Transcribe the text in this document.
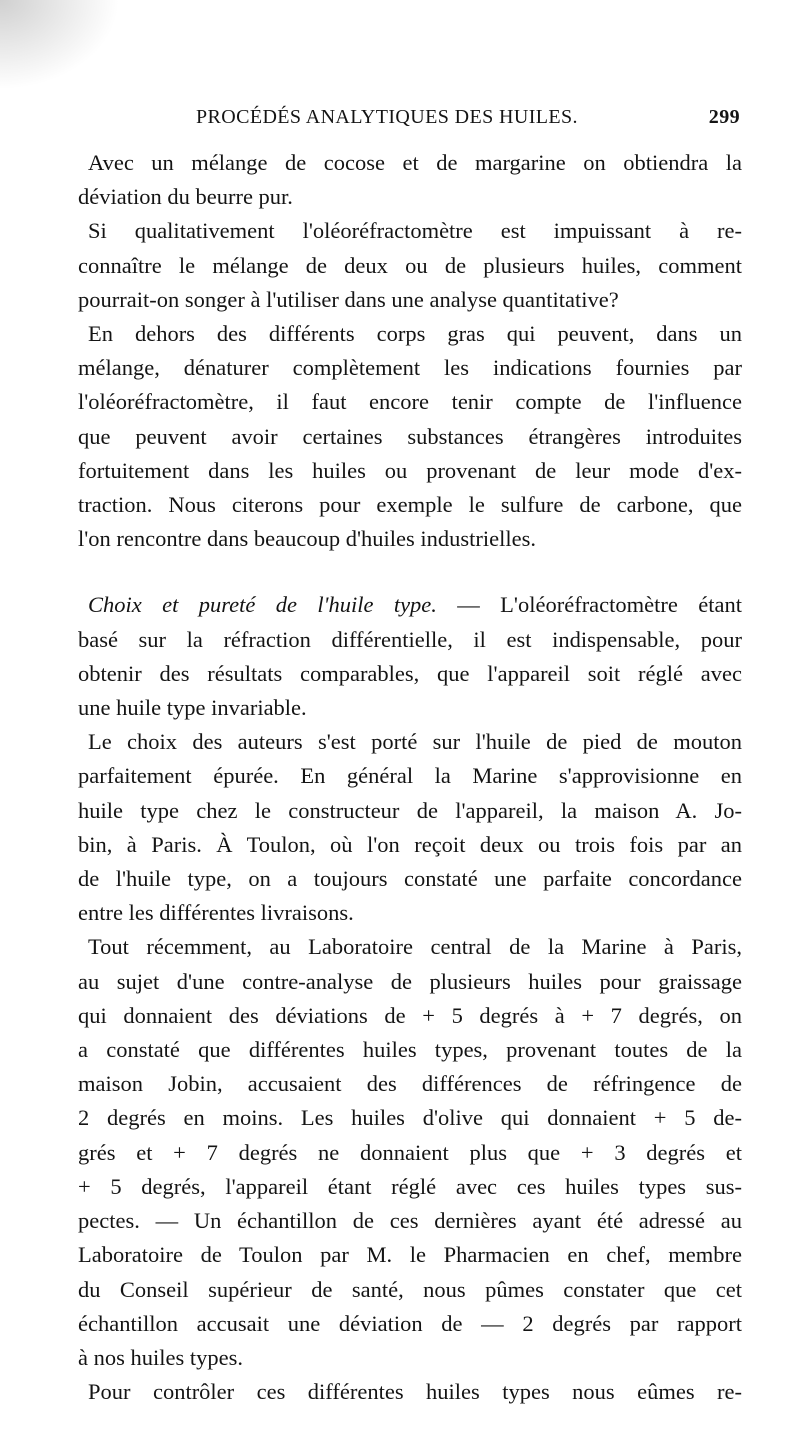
PROCÉDÉS ANALYTIQUES DES HUILES.	299
Avec un mélange de cocose et de margarine on obtiendra la
déviation du beurre pur.
Si qualitativement l'oléoréfractomètre est impuissant à re-
connaître le mélange de deux ou de plusieurs huiles, comment
pourrait-on songer à l'utiliser dans une analyse quantitative?
En dehors des différents corps gras qui peuvent, dans un
mélange, dénaturer complètement les indications fournies par
l'oléoréfractomètre, il faut encore tenir compte de l'influence
que peuvent avoir certaines substances étrangères introduites
fortuitement dans les huiles ou provenant de leur mode d'ex-
traction. Nous citerons pour exemple le sulfure de carbone, que
l'on rencontre dans beaucoup d'huiles industrielles.
Choix et pureté de l'huile type. — L'oléoréfractomètre étant
basé sur la réfraction différentielle, il est indispensable, pour
obtenir des résultats comparables, que l'appareil soit réglé avec
une huile type invariable.
Le choix des auteurs s'est porté sur l'huile de pied de mouton
parfaitement épurée. En général la Marine s'approvisionne en
huile type chez le constructeur de l'appareil, la maison A. Jo-
bin, à Paris. À Toulon, où l'on reçoit deux ou trois fois par an
de l'huile type, on a toujours constaté une parfaite concordance
entre les différentes livraisons.
Tout récemment, au Laboratoire central de la Marine à Paris,
au sujet d'une contre-analyse de plusieurs huiles pour graissage
qui donnaient des déviations de + 5 degrés à + 7 degrés, on
a constaté que différentes huiles types, provenant toutes de la
maison Jobin, accusaient des différences de réfringence de
2 degrés en moins. Les huiles d'olive qui donnaient + 5 de-
grés et + 7 degrés ne donnaient plus que + 3 degrés et
+ 5 degrés, l'appareil étant réglé avec ces huiles types sus-
pectes. — Un échantillon de ces dernières ayant été adressé au
Laboratoire de Toulon par M. le Pharmacien en chef, membre
du Conseil supérieur de santé, nous pûmes constater que cet
échantillon accusait une déviation de — 2 degrés par rapport
à nos huiles types.
Pour contrôler ces différentes huiles types nous eûmes re-
